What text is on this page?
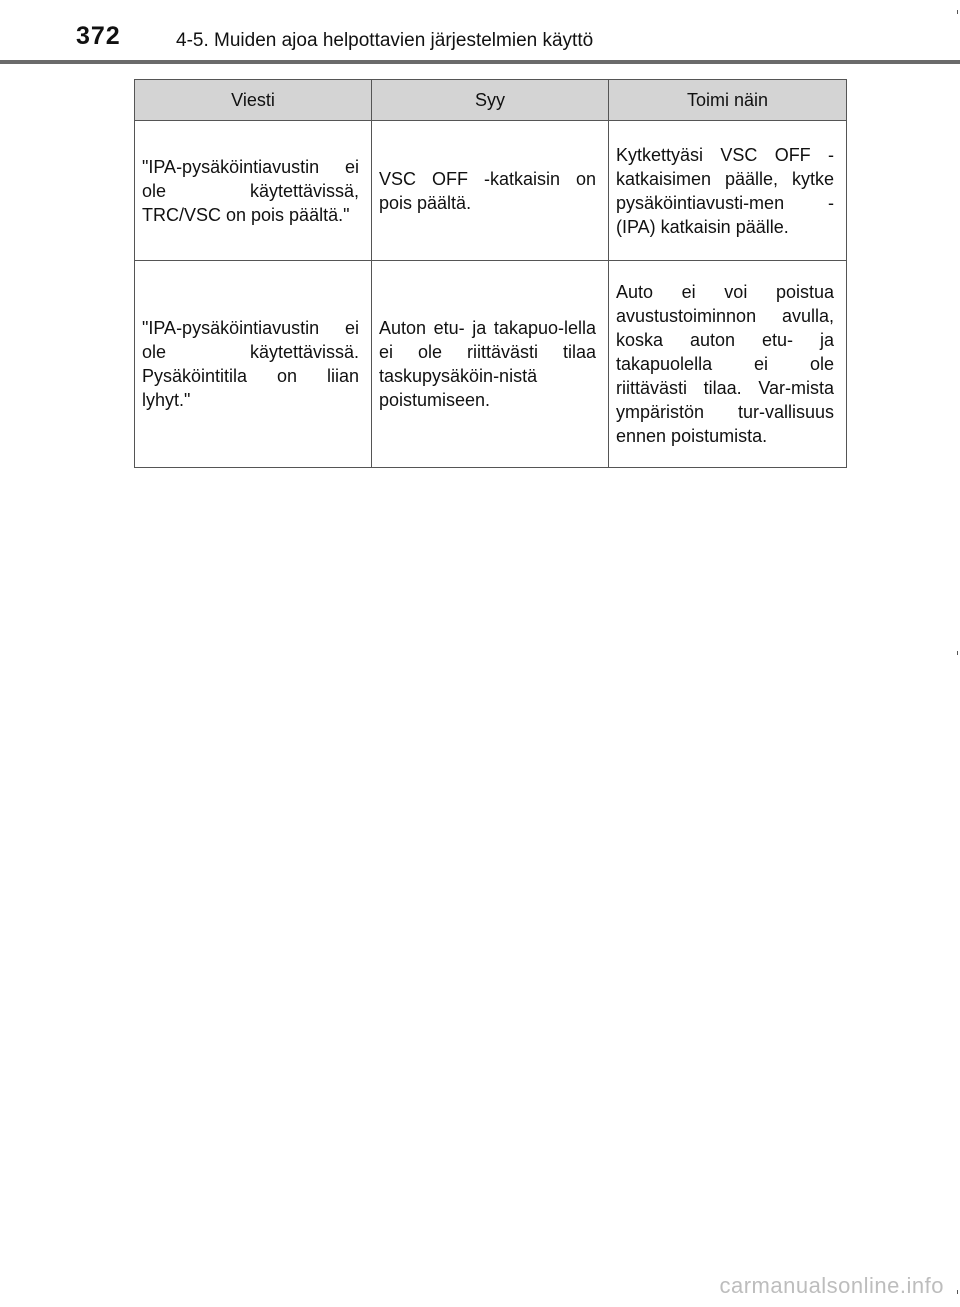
372	4-5. Muiden ajoa helpottavien järjestelmien käyttö
Viesti	Syy	Toimi näin
"IPA-pysäköintiavustin ei ole käytettävissä, TRC/VSC on pois päältä."	VSC OFF -katkaisin on pois päältä.	Kytkettyäsi VSC OFF -katkaisimen päälle, kytke pysäköintiavusti-men -(IPA) katkaisin päälle.
"IPA-pysäköintiavustin ei ole käytettävissä. Pysäköintitila on liian lyhyt."	Auton etu- ja takapuo-lella ei ole riittävästi tilaa taskupysäköin-nistä poistumiseen.	Auto ei voi poistua avustustoiminnon avulla, koska auton etu- ja takapuolella ei ole riittävästi tilaa. Var-mista ympäristön tur-vallisuus ennen poistumista.
carmanualsonline.info
